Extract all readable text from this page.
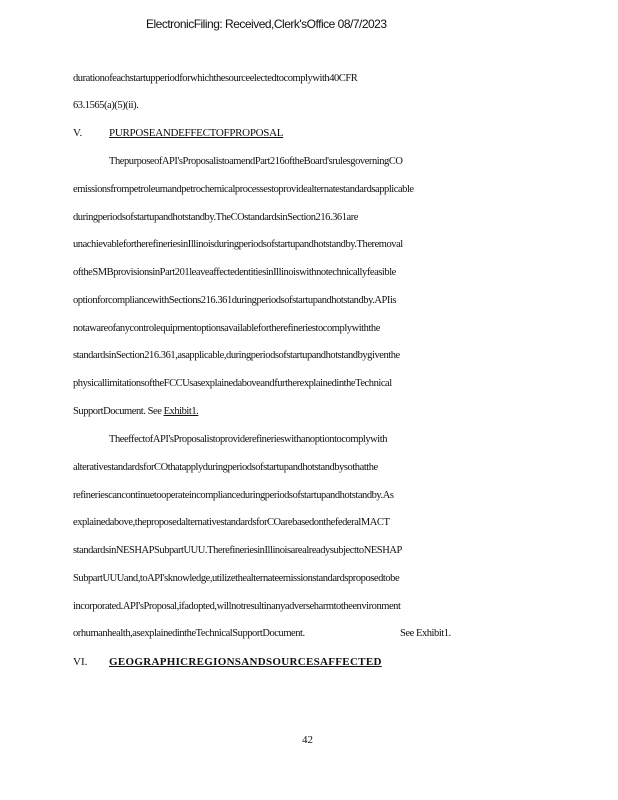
ElectronicFiling: Received,Clerk'sOffice 08/7/2023
durationofeachstartupperiodforwhichthesourceelectedtocomplywith40CFR
63.1565(a)(5)(ii).
V. PURPOSEANDEFFECTOFPROPOSAL
ThepurposeofAPI'sProposalistoamendPart216oftheBoard'srulesgoverningCO
emissionsfrompetroleumandpetrochemicalprocessestoprovidealternatestandardsapplicable
duringperiodsofstartupandhotstandby.TheCOstandardsinSection216.361are
unachievablefortherefineriesinIllinoisduringperiodsofstartupandhotstandby.Theremoval
oftheSMBprovisionsinPart201leaveaffectedentitiesinIllinoiswithnotechnicallyfeasible
optionforcompliancewithSections216.361duringperiodsofstartupandhotstandby.APIis
notawareofanycontrolequipmentoptionsavailablefortherefineriestocomplywiththe
standardsinSection216.361,asapplicable,duringperiodsofstartupandhotstandbygiventhe
physicallimitationsoftheFCCUsasexplainedaboveandfurtherexplainedintheTechnical
SupportDocument. See Exhibit1.
TheeffectofAPI'sProposalistoproviderefinerieswithanoptiontocomplywith
alterativestandardsforCOthatapplyduringperiodsofstartupandhotstandbysothatthe
refineriescancontinuetooperateincomplianceduringperiodsofstartupandhotstandby.As
explainedabove,theproposedalternativestandardsforCOarebasedonthefederalMACT
standardsinNESHAPSubpartUUU.TherefineriesinIllinoisarealreadysubjecttoNESHAP
SubpartUUUand,toAPI'sknowledge,utilizethealternateemissionstandardsproposedtobe
incorporated.API'sProposal,ifadopted,willnotresultinanyadverseharmtotheenvironment
orhumanhealth,asexplainedintheTechnicalSupportDocument.	See Exhibit1.
VI. GEOGRAPHICREGIONSANDSOURCESAFFECTED
42
